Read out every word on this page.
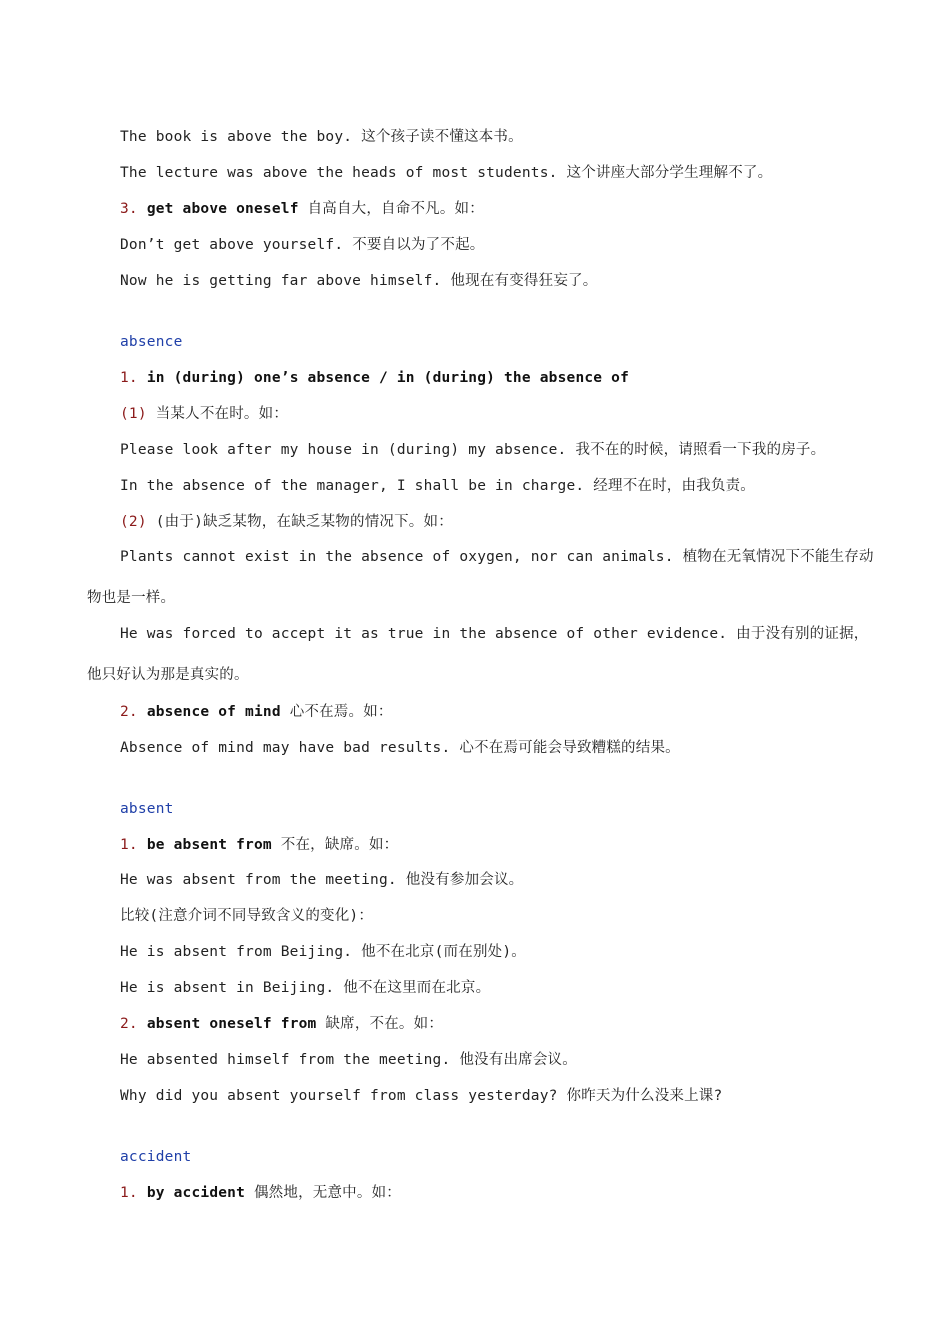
The book is above the boy. 这个孩子读不懂这本书。
The lecture was above the heads of most students. 这个讲座大部分学生理解不了。
3. get above oneself 自高自大，自命不凡。如：
Don’t get above yourself. 不要自以为了不起。
Now he is getting far above himself. 他现在有变得狂妄了。
absence
1. in (during) one’s absence / in (during) the absence of
(1) 当某人不在时。如：
Please look after my house in (during) my absence. 我不在的时候，请照看一下我的房子。
In the absence of the manager, I shall be in charge. 经理不在时，由我负责。
(2) (由于)缺乏某物，在缺乏某物的情况下。如：
Plants cannot exist in the absence of oxygen, nor can animals. 植物在无氧情况下不能生存动物也是一样。
He was forced to accept it as true in the absence of other evidence. 由于没有别的证据，他只好认为那是真实的。
2. absence of mind 心不在焉。如：
Absence of mind may have bad results. 心不在焉可能会导致糟糕的结果。
absent
1. be absent from 不在，缺席。如：
He was absent from the meeting. 他没有参加会议。
比较(注意介词不同导致含义的变化)：
He is absent from Beijing. 他不在北京(而在别处)。
He is absent in Beijing. 他不在这里而在北京。
2. absent oneself from 缺席，不在。如：
He absented himself from the meeting. 他没有出席会议。
Why did you absent yourself from class yesterday? 你昨天为什么没来上课?
accident
1. by accident 偶然地，无意中。如：
